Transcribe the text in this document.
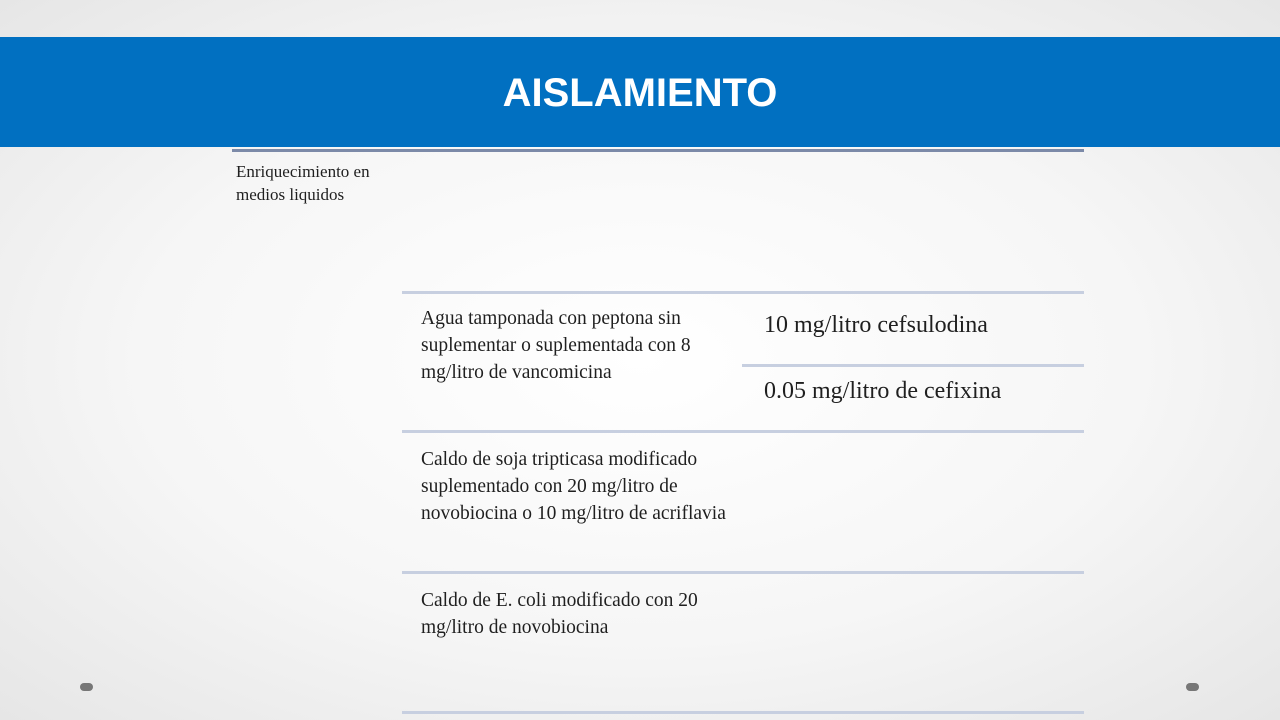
AISLAMIENTO
Enriquecimiento en medios liquidos
Agua tamponada con peptona sin suplementar o suplementada con 8 mg/litro de vancomicina
10 mg/litro cefsulodina
0.05 mg/litro de cefixina
Caldo de soja tripticasa modificado suplementado con 20 mg/litro de novobiocina o 10 mg/litro de acriflavia
Caldo de E. coli modificado con 20 mg/litro de novobiocina
